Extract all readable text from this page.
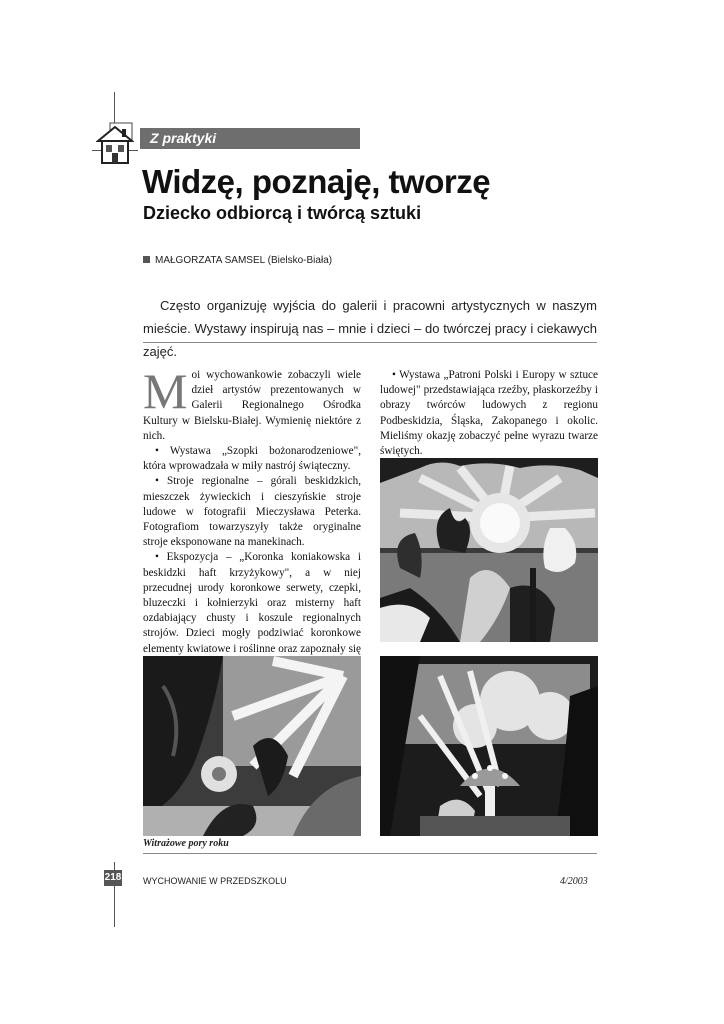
Z praktyki
Widzę, poznaję, tworzę
Dziecko odbiorcą i twórcą sztuki
MAŁGORZATA SAMSEL (Bielsko-Biała)
Często organizuję wyjścia do galerii i pracowni artystycznych w naszym mieście. Wystawy inspirują nas – mnie i dzieci – do twórczej pracy i ciekawych zajęć.
M oi wychowankowie zobaczyli wiele dzieł artystów prezentowanych w Galerii Regionalnego Ośrodka Kultury w Bielsku-Białej. Wymienię niektóre z nich.

• Wystawa „Szopki bożonarodzeniowe", która wprowadzała w miły nastrój świąteczny.

• Stroje regionalne – górali beskidzkich, mieszczek żywieckich i cieszyńskie stroje ludowe w fotografii Mieczysława Peterka. Fotografiom towarzyszyły także oryginalne stroje eksponowane na manekinach.

• Ekspozycja – „Koronka koniakowska i beskidzki haft krzyżykowy", a w niej przecudnej urody koronkowe serwety, czepki, bluzeczki i kołnierzyki oraz misterny haft ozdabiający chusty i koszule regionalnych strojów. Dzieci mogły podziwiać koronkowe elementy kwiatowe i roślinne oraz zapoznały się

• Wystawa „Patroni Polski i Europy w sztuce ludowej" przedstawiająca rzeźby, płaskorzeźby i obrazy twórców ludowych z regionu Podbeskidzia, Śląska, Zakopanego i okolic. Mieliśmy okazję zobaczyć pełne wyrazu twarze świętych.

Witrażowe pory roku
218 WYCHOWANIE W PRZEDSZKOLU	4/2003
